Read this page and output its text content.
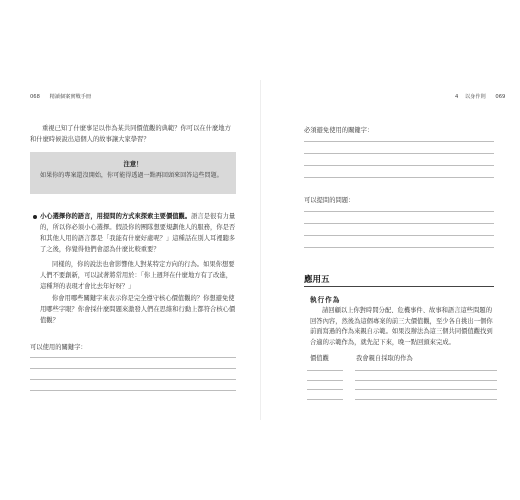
068 精讀個案實戰手冊
重視已知了什麼事足以作為某共同價值觀的典範？你可以在什麼地方和什麼時候說出這個人的故事讓大家學習？
注意！
如果你的專案還沒開始，你可能得透過一點再回頭來回答這些問題。
小心選擇你的語言，用提問的方式來探索主要價值觀。語言是很有力量的，所以你必須小心選擇。假設你的團隊想要規劃他人的服務，你是否和其他人用的語言都是「我能有什麼好處呢？」這種話在別人耳裡聽多了之後，你覺得他們會認為什麼比較重要？
同樣的，你的說法也會影響他人對某特定方向的行為。如果你想要人們不要創新，可以試著將常用於：「你上週拜在什麼地方有了改進，這種拜的表現才會比去年好呀？」
你會用哪些關鍵字來表示你是完全遵守核心價值觀的？你想避免使用哪些字眼？你會採什麼問題來激發人們在思維和行動上都符合核心價值觀？
可以使用的關鍵字：
4 以身作則 069
必須避免使用的關鍵字：
可以提問的問題：
應用五
執行作為
請回顧以上你對時間分配、危機事件、故事和語言這些問題的回答內容，然後為這個專案的前三大價值觀，至少各自挑出一個你前面寫過的作為來親自示範。如果沒辦法為這三個共同價值觀找到合適的示範作為，就先記下來，晚一點回頭來完成。
價值觀	我會親自採取的作為
